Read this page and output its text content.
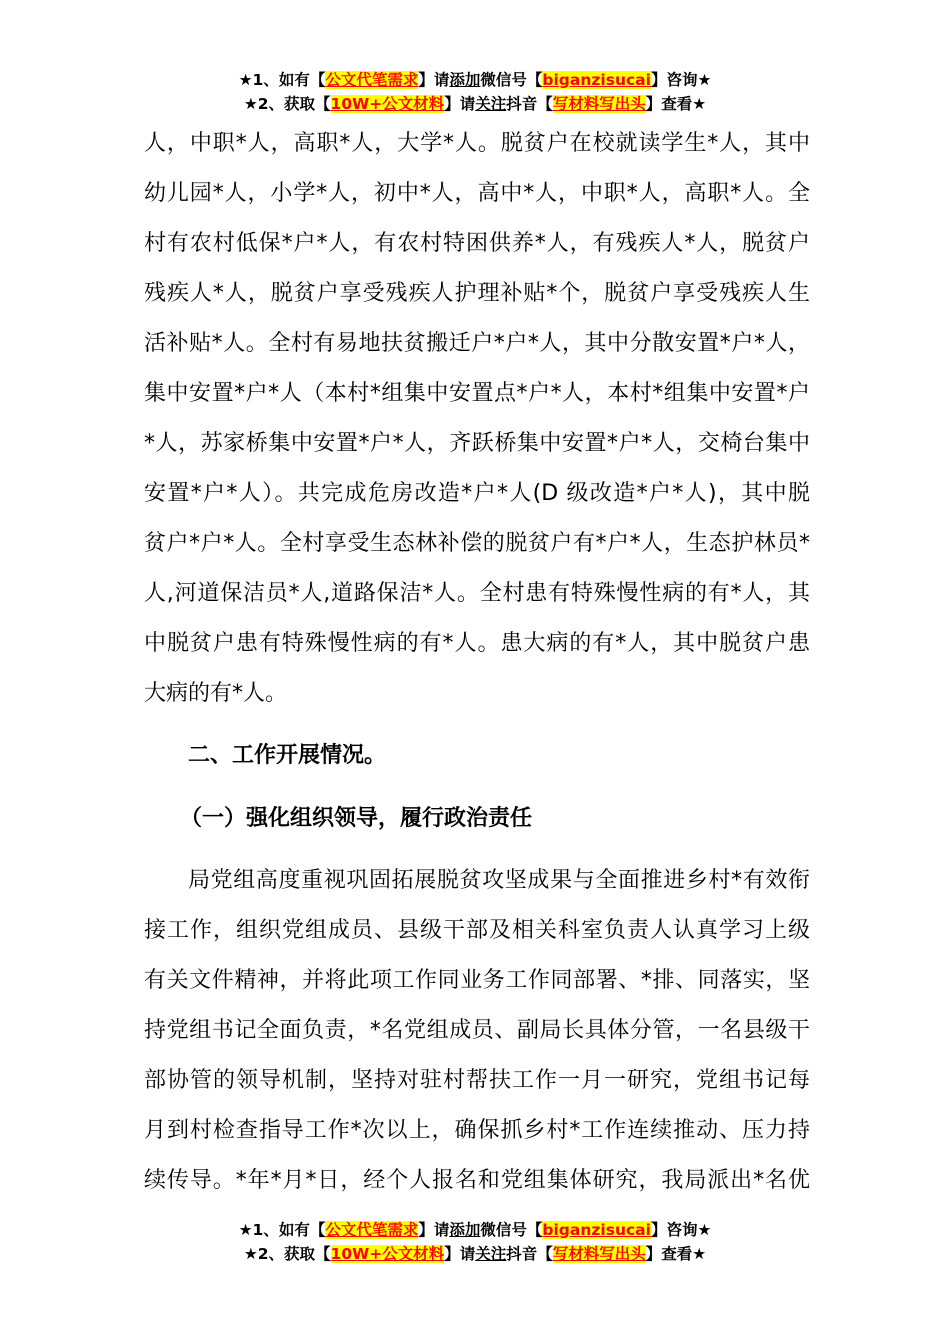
★1、如有【公文代笔需求】请添加微信号【biganzisucai】咨询★
★2、获取【10W+公文材料】请关注抖音【写材料写出头】查看★
人，中职*人，高职*人，大学*人。脱贫户在校就读学生*人，其中
幼儿园*人，小学*人，初中*人，高中*人，中职*人，高职*人。全
村有农村低保*户*人，有农村特困供养*人，有残疾人*人，脱贫户
残疾人*人，脱贫户享受残疾人护理补贴*个，脱贫户享受残疾人生
活补贴*人。全村有易地扶贫搬迁户*户*人，其中分散安置*户*人，
集中安置*户*人（本村*组集中安置点*户*人，本村*组集中安置*户
*人，苏家桥集中安置*户*人，齐跃桥集中安置*户*人，交椅台集中
安置*户*人）。共完成危房改造*户*人(D 级改造*户*人)，其中脱
贫户*户*人。全村享受生态林补偿的脱贫户有*户*人，生态护林员*
人,河道保洁员*人,道路保洁*人。全村患有特殊慢性病的有*人，其
中脱贫户患有特殊慢性病的有*人。患大病的有*人，其中脱贫户患
大病的有*人。
二、工作开展情况。
（一）强化组织领导，履行政治责任
局党组高度重视巩固拓展脱贫攻坚成果与全面推进乡村*有效衔
接工作，组织党组成员、县级干部及相关科室负责人认真学习上级
有关文件精神，并将此项工作同业务工作同部署、*排、同落实，坚
持党组书记全面负责，*名党组成员、副局长具体分管，一名县级干
部协管的领导机制，坚持对驻村帮扶工作一月一研究，党组书记每
月到村检查指导工作*次以上，确保抓乡村*工作连续推动、压力持
续传导。*年*月*日，经个人报名和党组集体研究，我局派出*名优
★1、如有【公文代笔需求】请添加微信号【biganzisucai】咨询★
★2、获取【10W+公文材料】请关注抖音【写材料写出头】查看★
